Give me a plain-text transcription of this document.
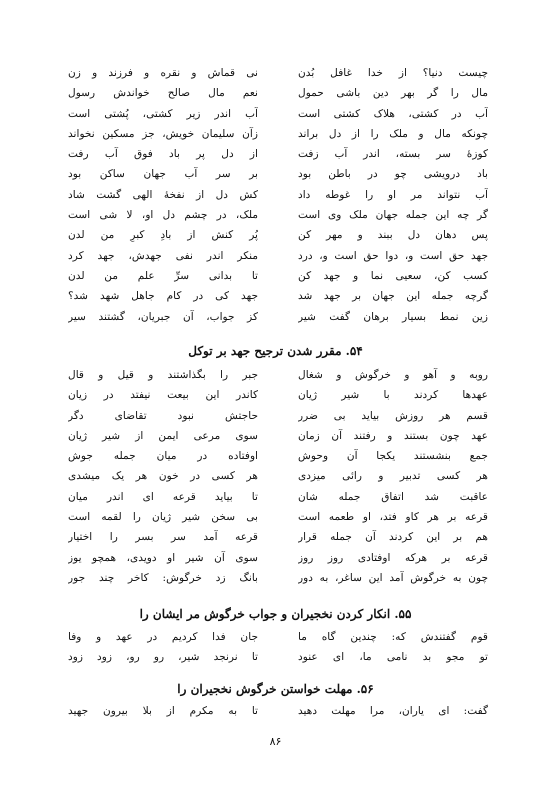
چیست دنیا؟ از خدا غافل بُدن
نی قماش و نقره و فرزند و زن
مال را گر بهر دین باشی حمول
نعم مال صالح خواندش رسول
آب در کشتی، هلاک کشتی است
آب اندر زیر کشتی، پُشتی است
چونکه مال و ملک را از دل براند
زآن سلیمان خویش، جز مسکین نخواند
کوزهٔ سر بسته، اندر آب زفت
از دل پر باد فوق آب رفت
باد درویشی چو در باطن بود
بر سر آب جهان ساکن بود
آب نتواند مر او را غوطه داد
کش دل از نفخهٔ الهی گشت شاد
گر چه این جمله جهان ملک وی است
ملک، در چشم دل او، لا شی است
پس دهان دل ببند و مهر کن
پُر کنش از بادِ کبرِ من لدن
جهد حق است و، دوا حق است و، درد
منکر اندر نفی جهدش، جهد کرد
کسب کن، سعیی نما و جهد کن
تا بدانی سرِّ علم من لدن
گرچه جمله این جهان بر جهد شد
جهد کی در کام جاهل شهد شد؟
زین نمط بسیار برهان گفت شیر
کز جواب، آن جبریان، گشتند سیر
۵۴. مقرر شدن ترجیح جهد بر توکل
روبه و آهو و خرگوش و شغال
جبر را بگذاشتند و قیل و قال
عهدها کردند با شیر ژیان
کاندر این بیعت نیفتد در زیان
قسم هر روزش بیاید بی ضرر
حاجتش نبود تقاضای دگر
عهد چون بستند و رفتند آن زمان
سوی مرعی ایمن از شیر ژیان
جمع بنشستند یکجا آن وحوش
اوفتاده در میان جمله جوش
هر کسی تدبیر و رائی میزدی
هر کسی در خون هر یک میشدی
عاقبت شد اتفاق جمله شان
تا بیاید قرعه ای اندر میان
قرعه بر هر کاو فتد، او طعمه است
بی سخن شیر ژیان را لقمه است
هم بر این کردند آن جمله قرار
قرعه آمد سر بسر را اختیار
قرعه بر هرکه اوفتادی روز روز
سوی آن شیر او دویدی، همچو یوز
چون به خرگوش آمد این ساغر، به دور
بانگ زد خرگوش: کاخر چند جور
۵۵. انکار کردن نخجیران و جواب خرگوش مر ایشان را
قوم گفتندش که: چندین گاه ما
جان فدا کردیم در عهد و وفا
تو مجو بد نامی ما، ای عنود
تا نرنجد شیر، رو رو، زود زود
۵۶. مهلت خواستن خرگوش نخجیران را
گفت: ای یاران، مرا مهلت دهید
تا به مکرم از بلا بیرون جهید
۸۶
